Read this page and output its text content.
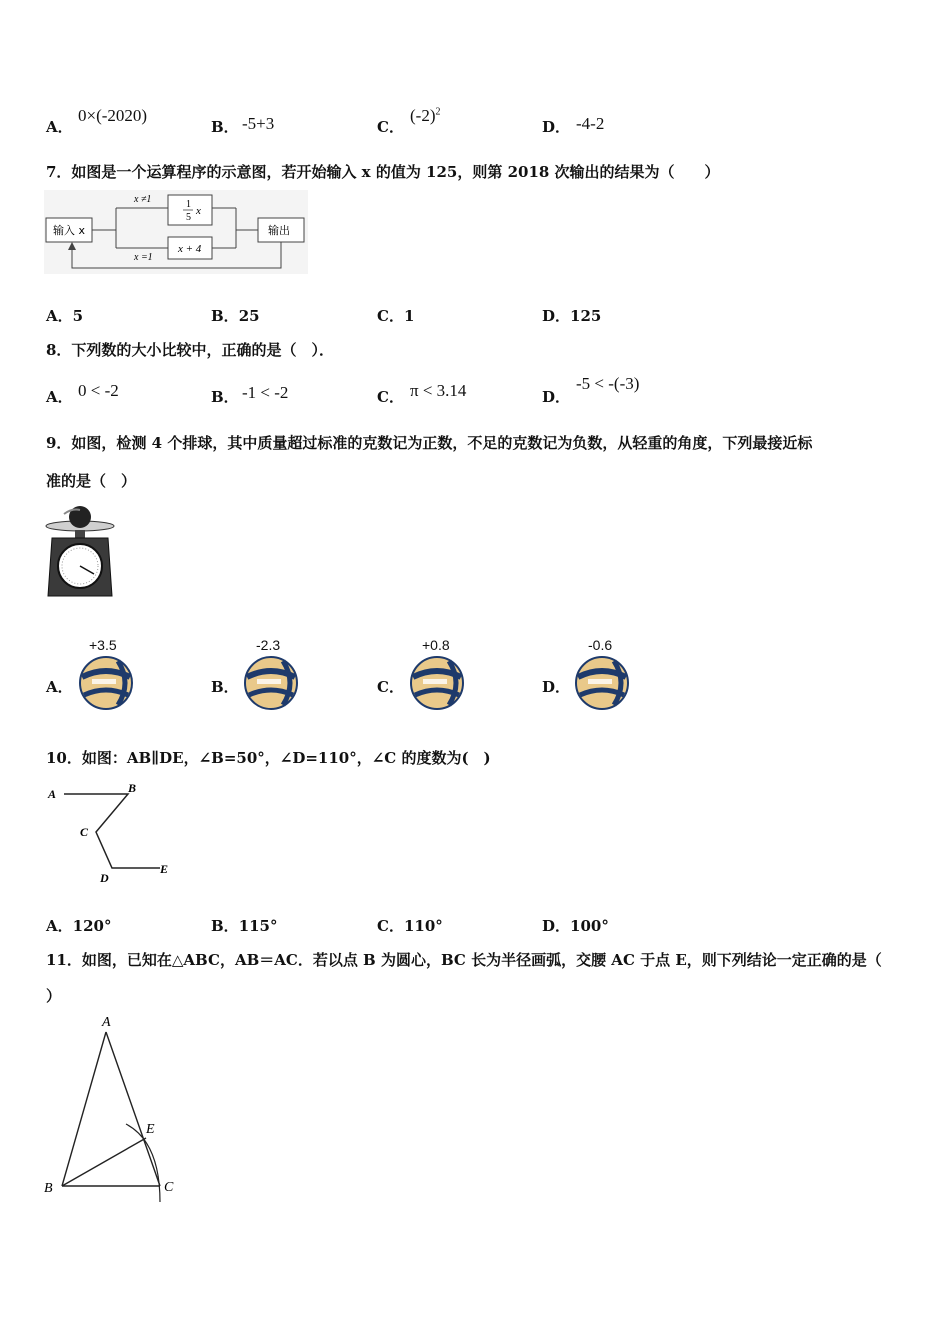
A．
0×(-2020)
B． -5+3	C．
$(-2)^2$
D． -4-2
7．如图是一个运算程序的示意图，若开始输入 x 的值为 125，则第 2018 次输出的结果为（　　）
输入 x	输出
1
5
x
x + 4
x ≠1
x =1
A．5	B．25	C．1	D．125
8．下列数的大小比较中，正确的是（　）．
A． 0 < -2	B． -1 < -2	C． π < 3.14	D．
-5 < -(-3)
9．如图，检测 4 个排球，其中质量超过标准的克数记为正数，不足的克数记为负数，从轻重的角度，下列最接近标
准的是（　）
A．
+3.5
B．
-2.3
C．
+0.8
D．
-0.6
10．如图：AB∥DE，∠B=50°，∠D=110°，∠C 的度数为(　)
A	B
C
D
E
A．120°	B．115°	C．110°	D．100°
11．如图，已知在△ABC，AB＝AC．若以点 B 为圆心，BC 长为半径画弧，交腰 AC 于点 E，则下列结论一定正确的是（
）
A
B	C
E
